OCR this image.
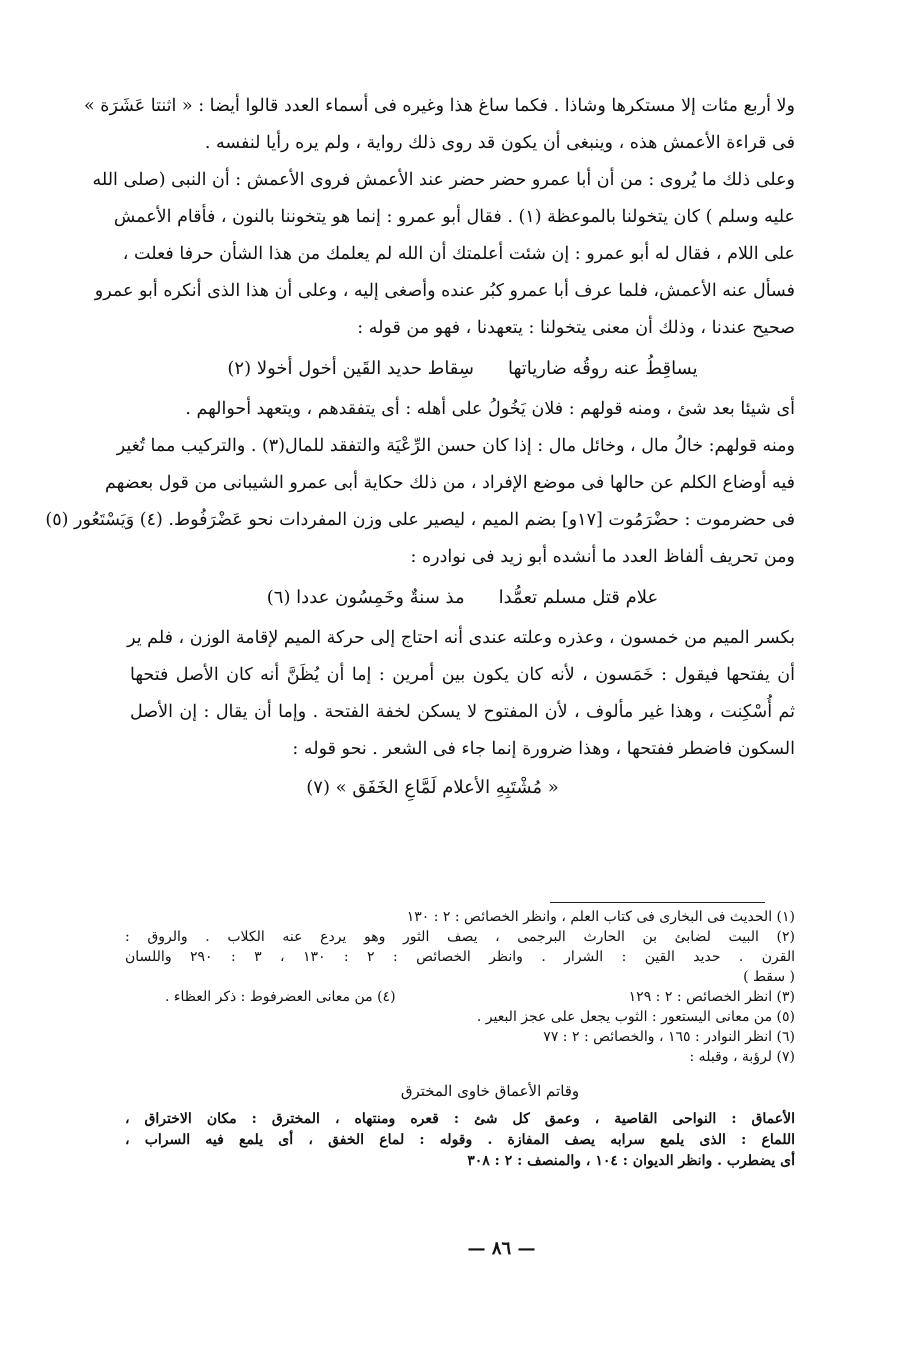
ولا أربع مئات إلا مستكرها وشاذا . فكما ساغ هذا وغيره فى أسماء العدد قالوا أيضا : « اثنتا عَشَرَة »
فى قراءة الأعمش هذه ، وينبغى أن يكون قد روى ذلك رواية ، ولم يره رأيا لنفسه .
وعلى ذلك ما يُروى : من أن أبا عمرو حضر حضر عند الأعمش فروى الأعمش : أن النبى (صلى الله
عليه وسلم ) كان يتخولنا بالموعظة (١) . فقال أبو عمرو : إنما هو يتخوننا بالنون ، فأقام الأعمش
على اللام ، فقال له أبو عمرو : إن شئت أعلمتك أن الله لم يعلمك من هذا الشأن حرفا فعلت ،
فسأل عنه الأعمش، فلما عرف أبا عمرو كبُر عنده وأصغى إليه ، وعلى أن هذا الذى أنكره أبو عمرو
صحيح عندنا ، وذلك أن معنى يتخولنا : يتعهدنا ، فهو من قوله :
يساقِطُ عنه روقُه ضارياتها
سِقاط حديد القَين أخول أخولا (٢)
أى شيئا بعد شئ ، ومنه قولهم : فلان يَخُولُ على أهله : أى يتفقدهم ، ويتعهد أحوالهم .
ومنه قولهم: خالُ مال ، وخائل مال : إذا كان حسن الرِّعْيَة والتفقد للمال(٣) . والتركيب مما تُغير
فيه أوضاع الكلم عن حالها فى موضع الإفراد ، من ذلك حكاية أبى عمرو الشيبانى من قول بعضهم
فى حضرموت : حضْرَمُوت [١٧و] بضم الميم ، ليصير على وزن المفردات نحو عَضْرَفُوط. (٤) وَيَسْتَعُور (٥)
ومن تحريف ألفاظ العدد ما أنشده أبو زيد فى نوادره :
علام قتل مسلم تعمُّدا
مذ سنةٌ وخَمِسُون عددا (٦)
بكسر الميم من خمسون ، وعذره وعلته عندى أنه احتاج إلى حركة الميم لإقامة الوزن ، فلم ير
أن يفتحها فيقول : خَمَسون ، لأنه كان يكون بين أمرين : إما أن يُظَنَّ أنه كان الأصل فتحها
ثم أُسْكِنت ، وهذا غير مألوف ، لأن المفتوح لا يسكن لخفة الفتحة . وإما أن يقال : إن الأصل
السكون فاضطر ففتحها ، وهذا ضرورة إنما جاء فى الشعر . نحو قوله :
« مُشْتَبِهِ الأعلام لَمَّاعِ الخَفَق » (٧)
(١) الحديث فى البخارى فى كتاب العلم ، وانظر الخصائص : ٢ : ١٣٠
(٢) البيت لضابئ بن الحارث البرجمى ، يصف الثور وهو يردع عنه الكلاب . والروق :
القرن . حديد القين : الشرار . وانظر الخصائص : ٢ : ١٣٠ ، ٣ : ٢٩٠ واللسان
( سقط )
(٣) انظر الخصائص : ٢ : ١٢٩
(٤) من معانى العضرفوط : ذكر العظاء .
(٥) من معانى اليستعور : الثوب يجعل على عجز البعير .
(٦) انظر النوادر : ١٦٥ ، والخصائص : ٢ : ٧٧
(٧) لرؤبة ، وقبله :
وقاتم الأعماق خاوى المخترق
الأعماق : النواحى القاصية ، وعمق كل شئ : قعره ومنتهاه ، المخترق : مكان الاختراق ،
اللماع : الذى يلمع سرابه يصف المفازة . وقوله : لماع الخفق ، أى يلمع فيه السراب ،
أى يضطرب . وانظر الديوان : ١٠٤ ، والمنصف : ٢ : ٣٠٨
— ٨٦ —
